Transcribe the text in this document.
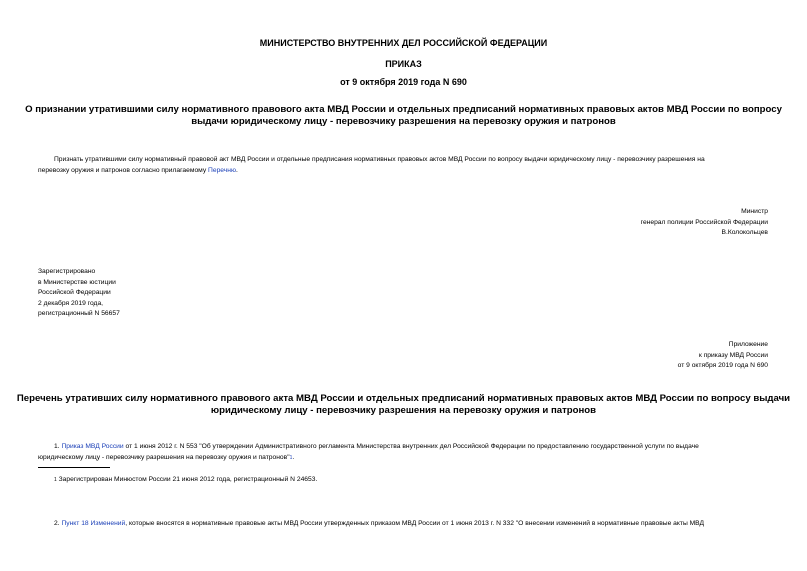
МИНИСТЕРСТВО ВНУТРЕННИХ ДЕЛ РОССИЙСКОЙ ФЕДЕРАЦИИ
ПРИКАЗ
от 9 октября 2019 года N 690
О признании утратившими силу нормативного правового акта МВД России и отдельных предписаний нормативных правовых актов МВД России по вопросу
выдачи юридическому лицу - перевозчику разрешения на перевозку оружия и патронов
Признать утратившими силу нормативный правовой акт МВД России и отдельные предписания нормативных правовых актов МВД России по вопросу выдачи юридическому лицу - перевозчику разрешения на
перевозку оружия и патронов согласно прилагаемому Перечню.
Министр
генерал полиции Российской Федерации
В.Колокольцев
Зарегистрировано
в Министерстве юстиции
Российской Федерации
2 декабря 2019 года,
регистрационный N 56657
Приложение
к приказу МВД России
от 9 октября 2019 года N 690
Перечень утративших силу нормативного правового акта МВД России и отдельных предписаний нормативных правовых актов МВД России по вопросу выдачи
юридическому лицу - перевозчику разрешения на перевозку оружия и патронов
1. Приказ МВД России от 1 июня 2012 г. N 553 "Об утверждении Административного регламента Министерства внутренних дел Российской Федерации по предоставлению государственной услуги по выдаче
юридическому лицу - перевозчику разрешения на перевозку оружия и патронов"$^1$.
$^1$ Зарегистрирован Минюстом России 21 июня 2012 года, регистрационный N 24653.
2. Пункт 18 Изменений, которые вносятся в нормативные правовые акты МВД России утвержденных приказом МВД России от 1 июня 2013 г. N 332 "О внесении изменений в нормативные правовые акты МВД
